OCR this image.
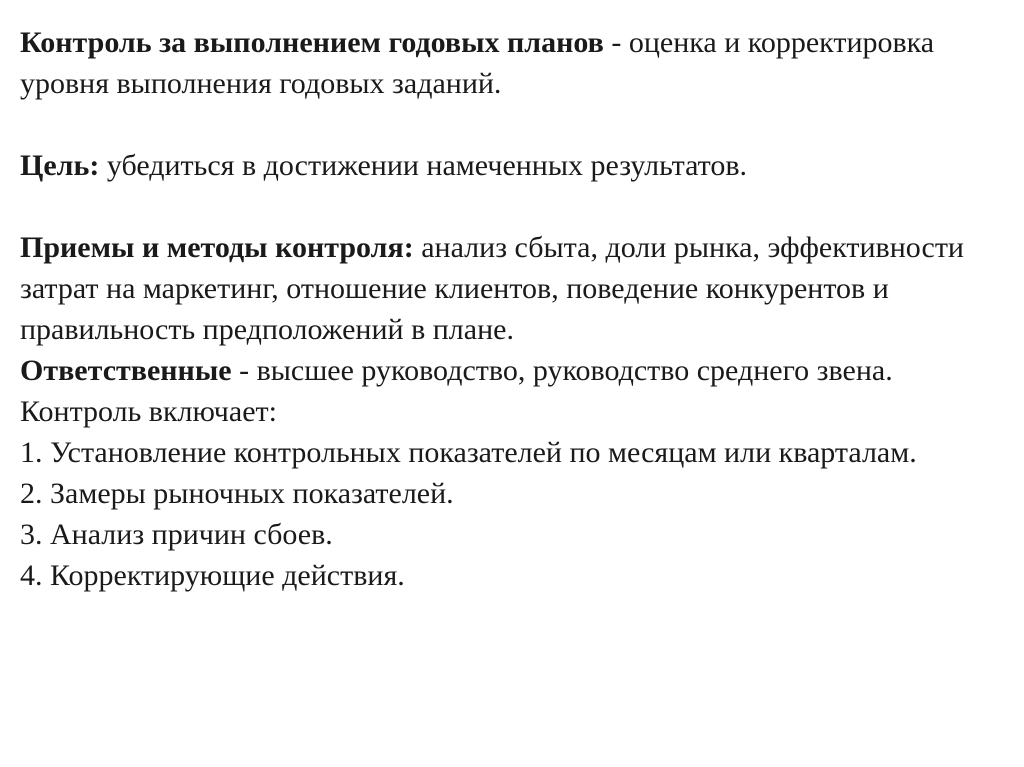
Контроль за выполнением годовых планов - оценка и корректировка уровня выполнения годовых заданий.

Цель: убедиться в достижении намеченных результатов.

Приемы и методы контроля: анализ сбыта, доли рынка, эффективности затрат на маркетинг, отношение клиентов, поведение конкурентов и правильность предположений в плане.

Ответственные - высшее руководство, руководство среднего звена.

Контроль включает:

1. Установление контрольных показателей по месяцам или кварталам.

2. Замеры рыночных показателей.

3. Анализ причин сбоев.

4. Корректирующие действия.
